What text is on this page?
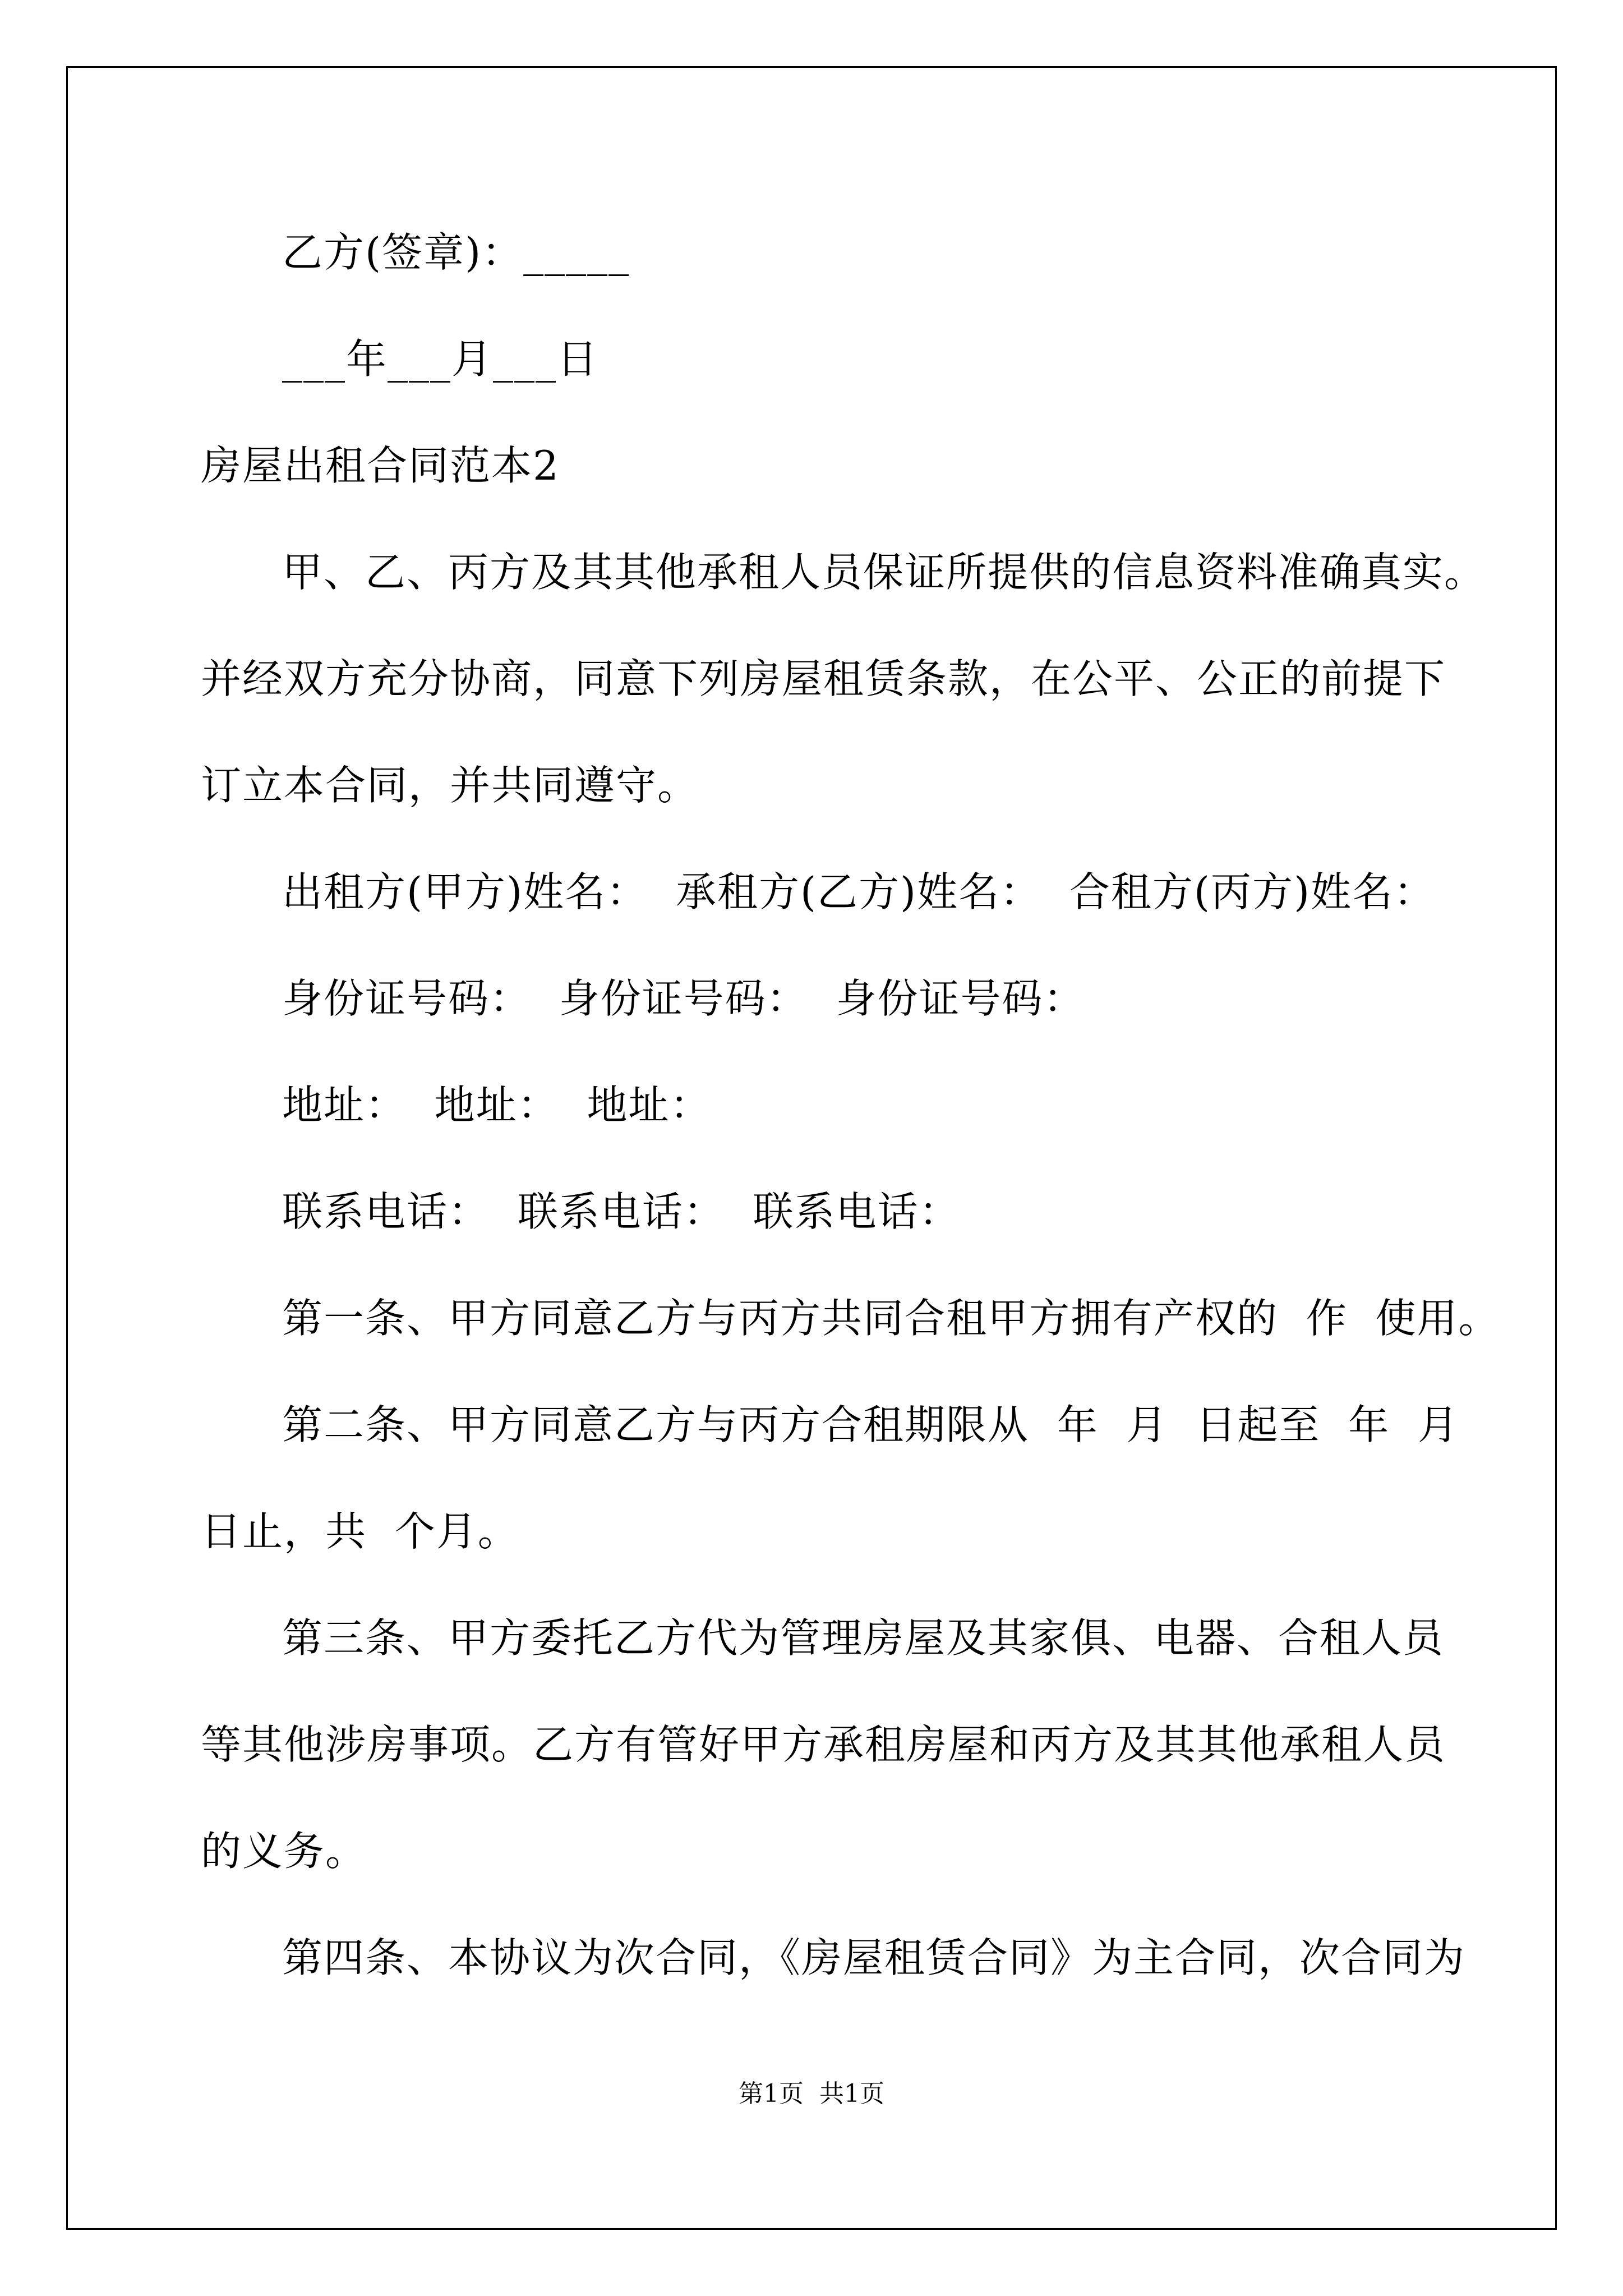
乙方(签章)：_____
___年___月___日
房屋出租合同范本2
甲、乙、丙方及其其他承租人员保证所提供的信息资料准确真实。
并经双方充分协商，同意下列房屋租赁条款，在公平、公正的前提下
订立本合同，并共同遵守。
出租方(甲方)姓名：  承租方(乙方)姓名：  合租方(丙方)姓名：
身份证号码：  身份证号码：  身份证号码：
地址：  地址：  地址：
联系电话：  联系电话：  联系电话：
第一条、甲方同意乙方与丙方共同合租甲方拥有产权的  作  使用。
第二条、甲方同意乙方与丙方合租期限从  年  月  日起至  年  月
日止，共  个月。
第三条、甲方委托乙方代为管理房屋及其家俱、电器、合租人员
等其他涉房事项。乙方有管好甲方承租房屋和丙方及其其他承租人员
的义务。
第四条、本协议为次合同，《房屋租赁合同》为主合同，次合同为
第1页  共1页
